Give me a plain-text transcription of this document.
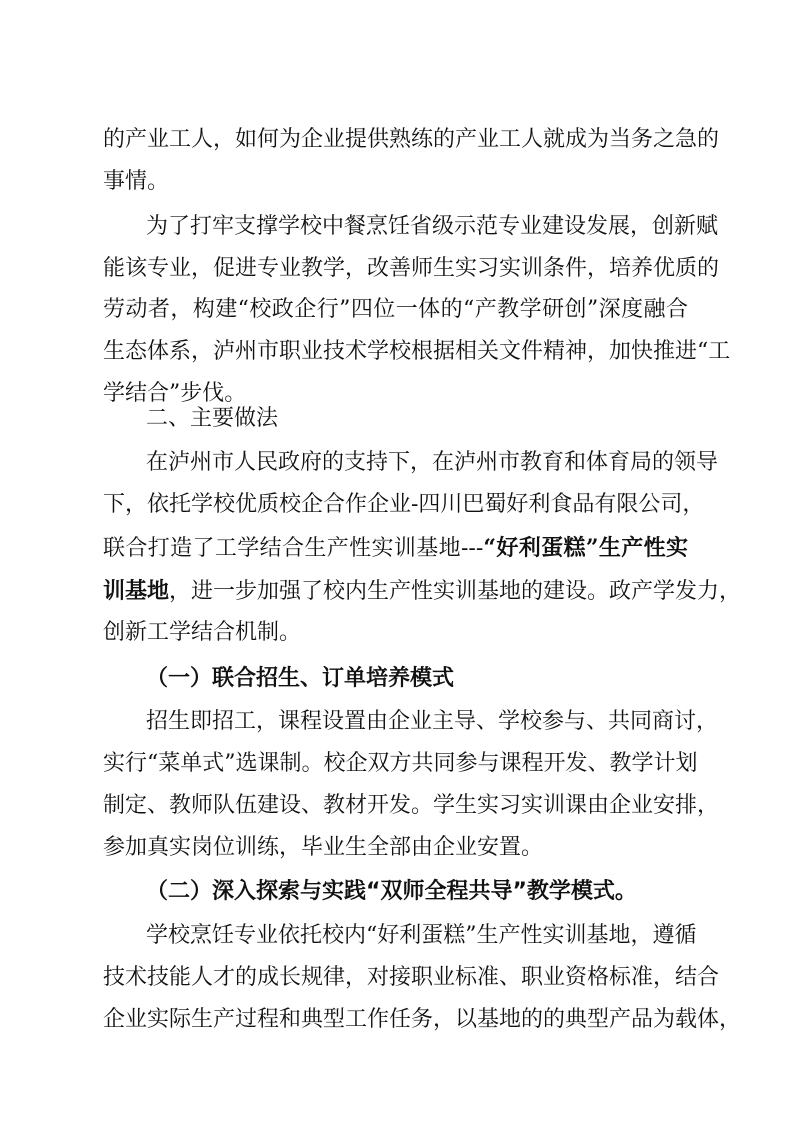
的产业工人，如何为企业提供熟练的产业工人就成为当务之急的
事情。
为了打牢支撑学校中餐烹饪省级示范专业建设发展，创新赋
能该专业，促进专业教学，改善师生实习实训条件，培养优质的
劳动者，构建“校政企行”四位一体的“产教学研创”深度融合
生态体系，泸州市职业技术学校根据相关文件精神，加快推进“工
学结合”步伐。
二、主要做法
在泸州市人民政府的支持下，在泸州市教育和体育局的领导
下，依托学校优质校企合作企业-四川巴蜀好利食品有限公司，
联合打造了工学结合生产性实训基地---“好利蛋糕”生产性实
训基地，进一步加强了校内生产性实训基地的建设。政产学发力，
创新工学结合机制。
（一）联合招生、订单培养模式
招生即招工，课程设置由企业主导、学校参与、共同商讨，
实行“菜单式”选课制。校企双方共同参与课程开发、教学计划
制定、教师队伍建设、教材开发。学生实习实训课由企业安排，
参加真实岗位训练，毕业生全部由企业安置。
（二）深入探索与实践“双师全程共导”教学模式。
学校烹饪专业依托校内“好利蛋糕”生产性实训基地，遵循
技术技能人才的成长规律，对接职业标准、职业资格标准，结合
企业实际生产过程和典型工作任务，以基地的的典型产品为载体，
